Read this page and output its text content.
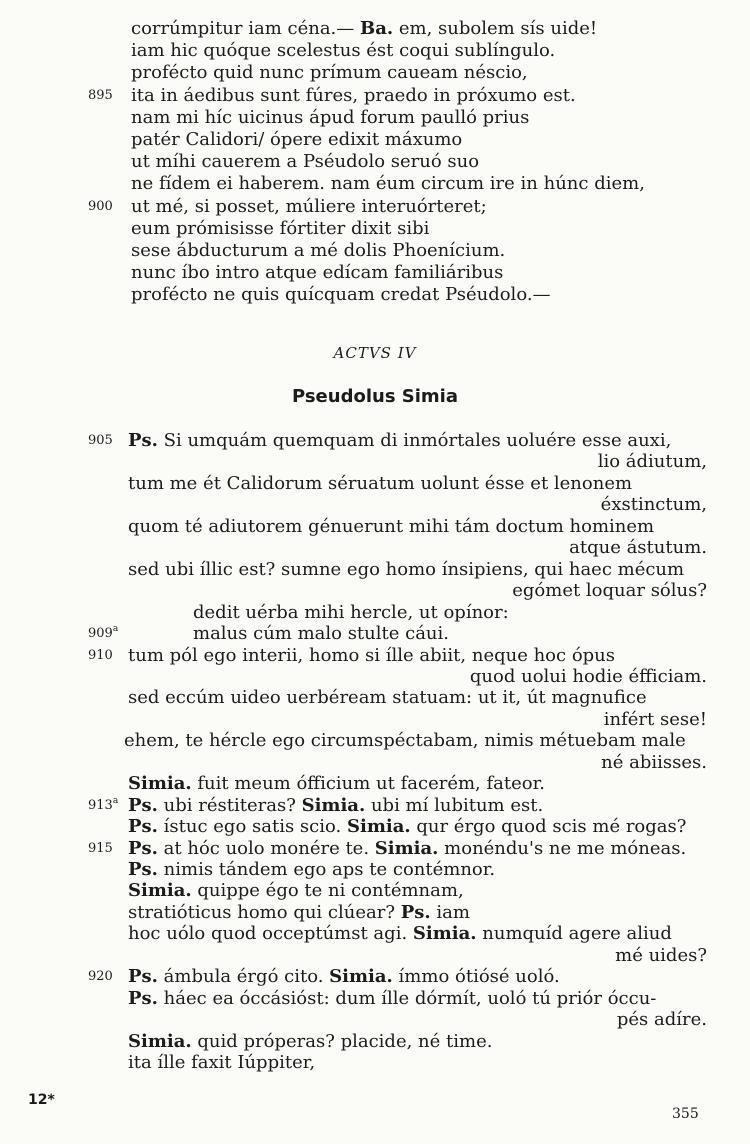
corrúmpitur iam céna.— Ba. em, subolem sís uide!
iam hic quóque scelestus ést coqui sublíngulo.
profécto quid nunc prímum caueam néscio,
895	ita in áedibus sunt fúres, praedo in próxumo est.
nam mi híc uicinus ápud forum paulló prius
patér Calidori/ ópere edixit máxumo
ut míhi cauerem a Pséudolo seruó suo
ne fídem ei haberem. nam éum circum ire in húnc diem,
900	ut mé, si posset, múliere interuórteret;
eum prómisisse fórtiter dixit sibi
sese ábducturum a mé dolis Phoenícium.
nunc íbo intro atque edícam familiáribus
profécto ne quis quícquam credat Pséudolo.—
ACTVS IV
Pseudolus Simia
905 Ps. Si umquám quemquam di inmórtales uoluére esse auxi,
lio ádiutum,
tum me ét Calidorum séruatum uolunt ésse et lenonem
éxstinctum,
quom té adiutorem génuerunt mihi tám doctum hominem
atque ástutum.
sed ubi íllic est? sumne ego homo ínsipiens, qui haec mécum
egómet loquar sólus?
dedit uérba mihi hercle, ut opínor:
909$^a$	malus cúm malo stulte cáui.
910 tum pól ego interii, homo si ílle abiit, neque hoc ópus
quod uolui hodie éfficiam.
sed eccúm uideo uerbéream statuam: ut it, út magnufice
infért sese!
ehem, te hércle ego circumspéctabam, nimis métuebam male
né abiisses.
Simia. fuit meum ófficium ut facerém, fateor.
913$^a$ Ps. ubi réstiteras? Simia. ubi mí lubitum est.
Ps. ístuc ego satis scio. Simia. qur érgo quod scis mé rogas?
915 Ps. at hóc uolo monére te. Simia. monéndu's ne me móneas.
Ps. nimis tándem ego aps te contémnor.
Simia. quippe égo te ni contémnam,
stratióticus homo qui clúear? Ps. iam
hoc uólo quod occeptúmst agi. Simia. numquíd agere aliud
mé uides?
920 Ps. ámbula érgó cito. Simia. ímmo ótiósé uoló.
Ps. háec ea óccásióst: dum ílle dórmít, uoló tú priór óccu-
pés adíre.
Simia. quid próperas? placide, né time.
ita ílle faxit Iúppiter,
12*
355
